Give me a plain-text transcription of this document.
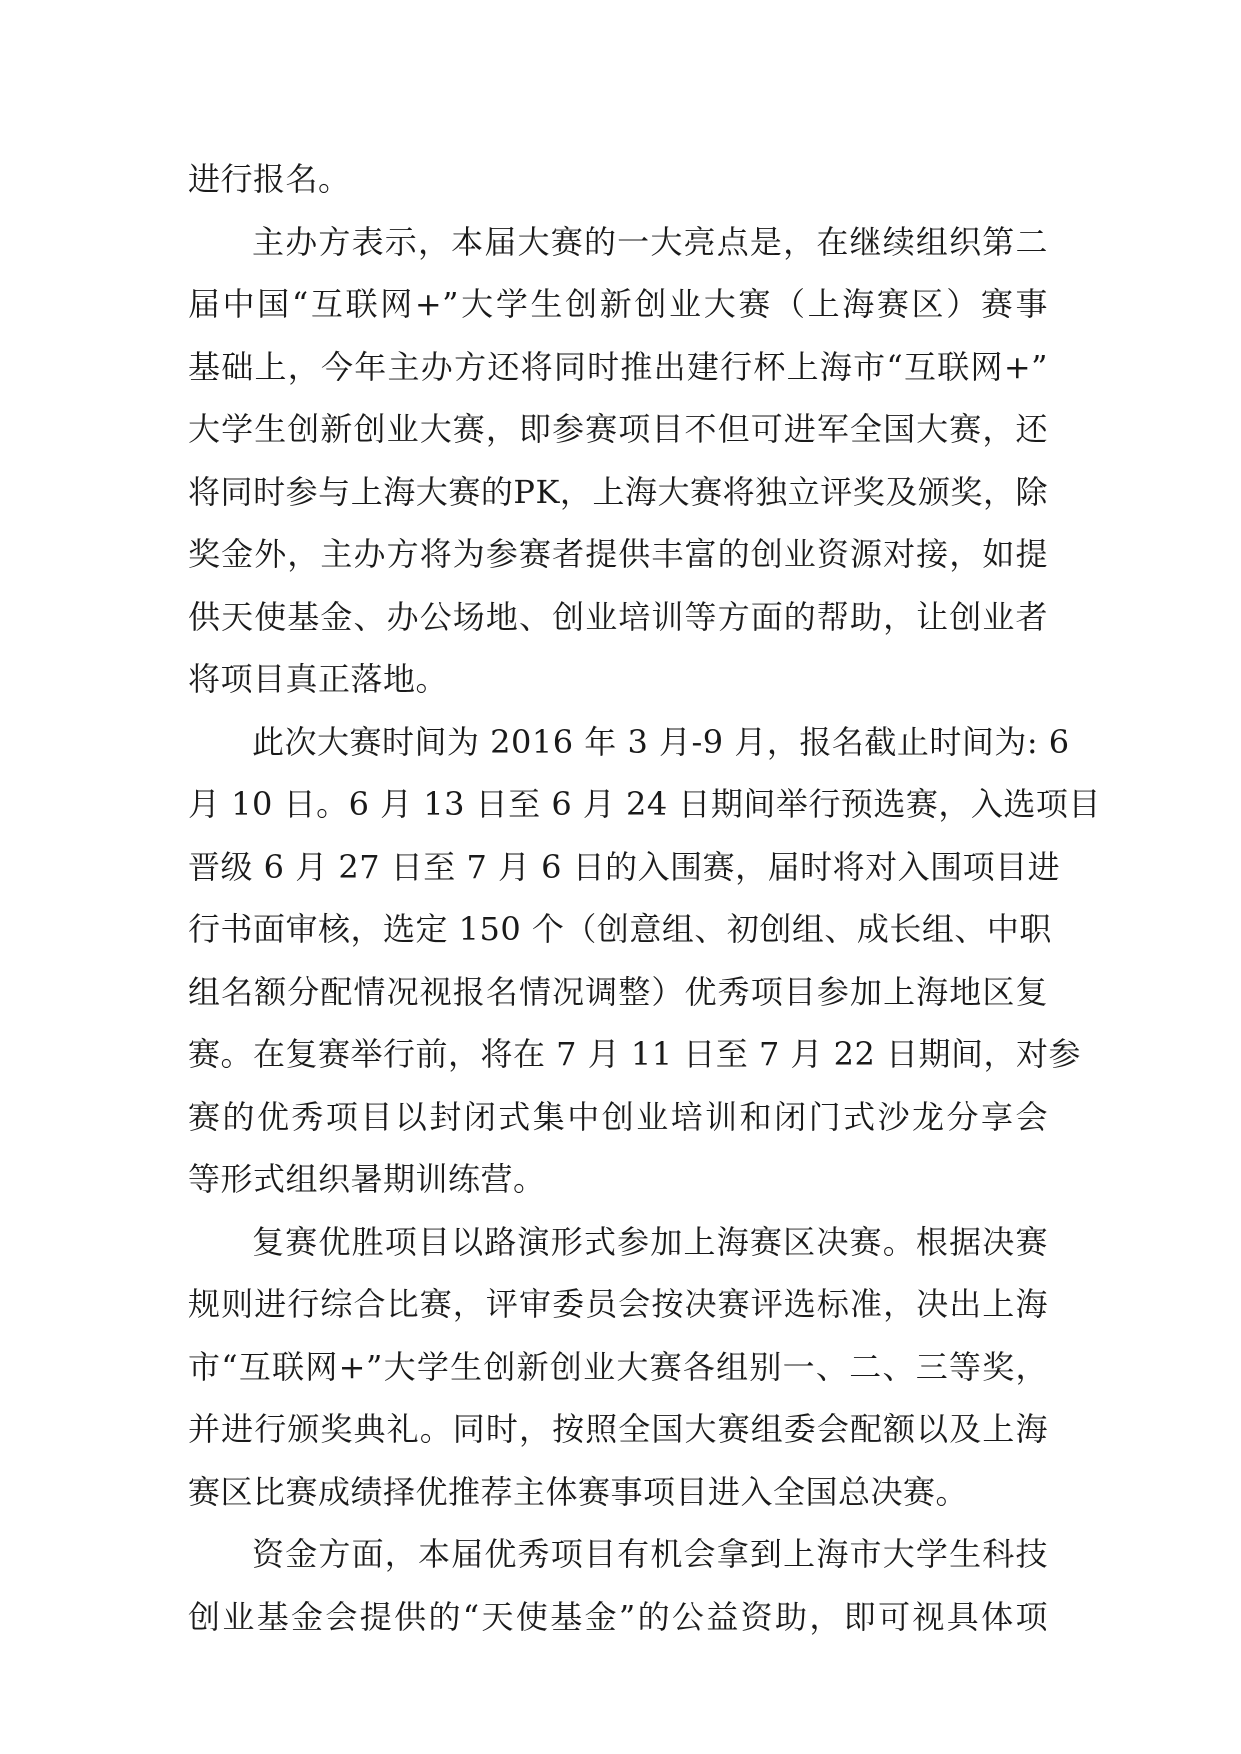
进行报名。
主办方表示，本届大赛的一大亮点是，在继续组织第二
届中国“互联网+”大学生创新创业大赛（上海赛区）赛事
基础上，今年主办方还将同时推出建行杯上海市“互联网+”
大学生创新创业大赛，即参赛项目不但可进军全国大赛，还
将同时参与上海大赛的PK，上海大赛将独立评奖及颁奖，除
奖金外，主办方将为参赛者提供丰富的创业资源对接，如提
供天使基金、办公场地、创业培训等方面的帮助，让创业者
将项目真正落地。
此次大赛时间为 2016 年 3 月-9 月，报名截止时间为: 6
月 10 日。6 月 13 日至 6 月 24 日期间举行预选赛，入选项目
晋级 6 月 27 日至 7 月 6 日的入围赛，届时将对入围项目进
行书面审核，选定 150 个（创意组、初创组、成长组、中职
组名额分配情况视报名情况调整）优秀项目参加上海地区复
赛。在复赛举行前，将在 7 月 11 日至 7 月 22 日期间，对参
赛的优秀项目以封闭式集中创业培训和闭门式沙龙分享会
等形式组织暑期训练营。
复赛优胜项目以路演形式参加上海赛区决赛。根据决赛
规则进行综合比赛，评审委员会按决赛评选标准，决出上海
市“互联网+”大学生创新创业大赛各组别一、二、三等奖，
并进行颁奖典礼。同时，按照全国大赛组委会配额以及上海
赛区比赛成绩择优推荐主体赛事项目进入全国总决赛。
资金方面，本届优秀项目有机会拿到上海市大学生科技
创业基金会提供的“天使基金”的公益资助，即可视具体项
